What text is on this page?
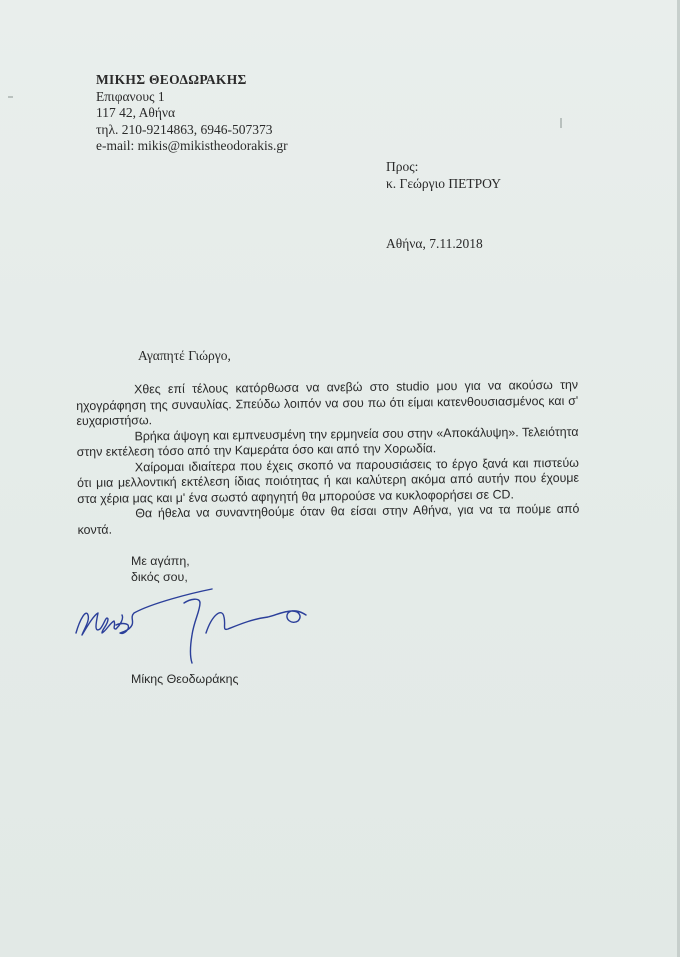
ΜΙΚΗΣ ΘΕΟΔΩΡΑΚΗΣ
Επιφανους 1
117 42, Αθήνα
τηλ. 210-9214863, 6946-507373
e-mail: mikis@mikistheodorakis.gr
Προς:
κ. Γεώργιο ΠΕΤΡΟΥ
Αθήνα, 7.11.2018
Αγαπητέ Γιώργο,

Χθες επί τέλους κατόρθωσα να ανεβώ στο studio μου για να ακούσω την ηχογράφηση της συναυλίας. Σπεύδω λοιπόν να σου πω ότι είμαι κατενθουσιασμένος και σ' ευχαριστήσω.

Βρήκα άψογη και εμπνευσμένη την ερμηνεία σου στην «Αποκάλυψη». Τελειότητα στην εκτέλεση τόσο από την Καμεράτα όσο και από την Χορωδία.

Χαίρομαι ιδιαίτερα που έχεις σκοπό να παρουσιάσεις το έργο ξανά και πιστεύω ότι μια μελλοντική εκτέλεση ίδιας ποιότητας ή και καλύτερη ακόμα από αυτήν που έχουμε στα χέρια μας και μ' ένα σωστό αφηγητή θα μπορούσε να κυκλοφορήσει σε CD.

Θα ήθελα να συναντηθούμε όταν θα είσαι στην Αθήνα, για να τα πούμε από κοντά.

Με αγάπη,
δικός σου,
Μίκης Θεοδωράκης
